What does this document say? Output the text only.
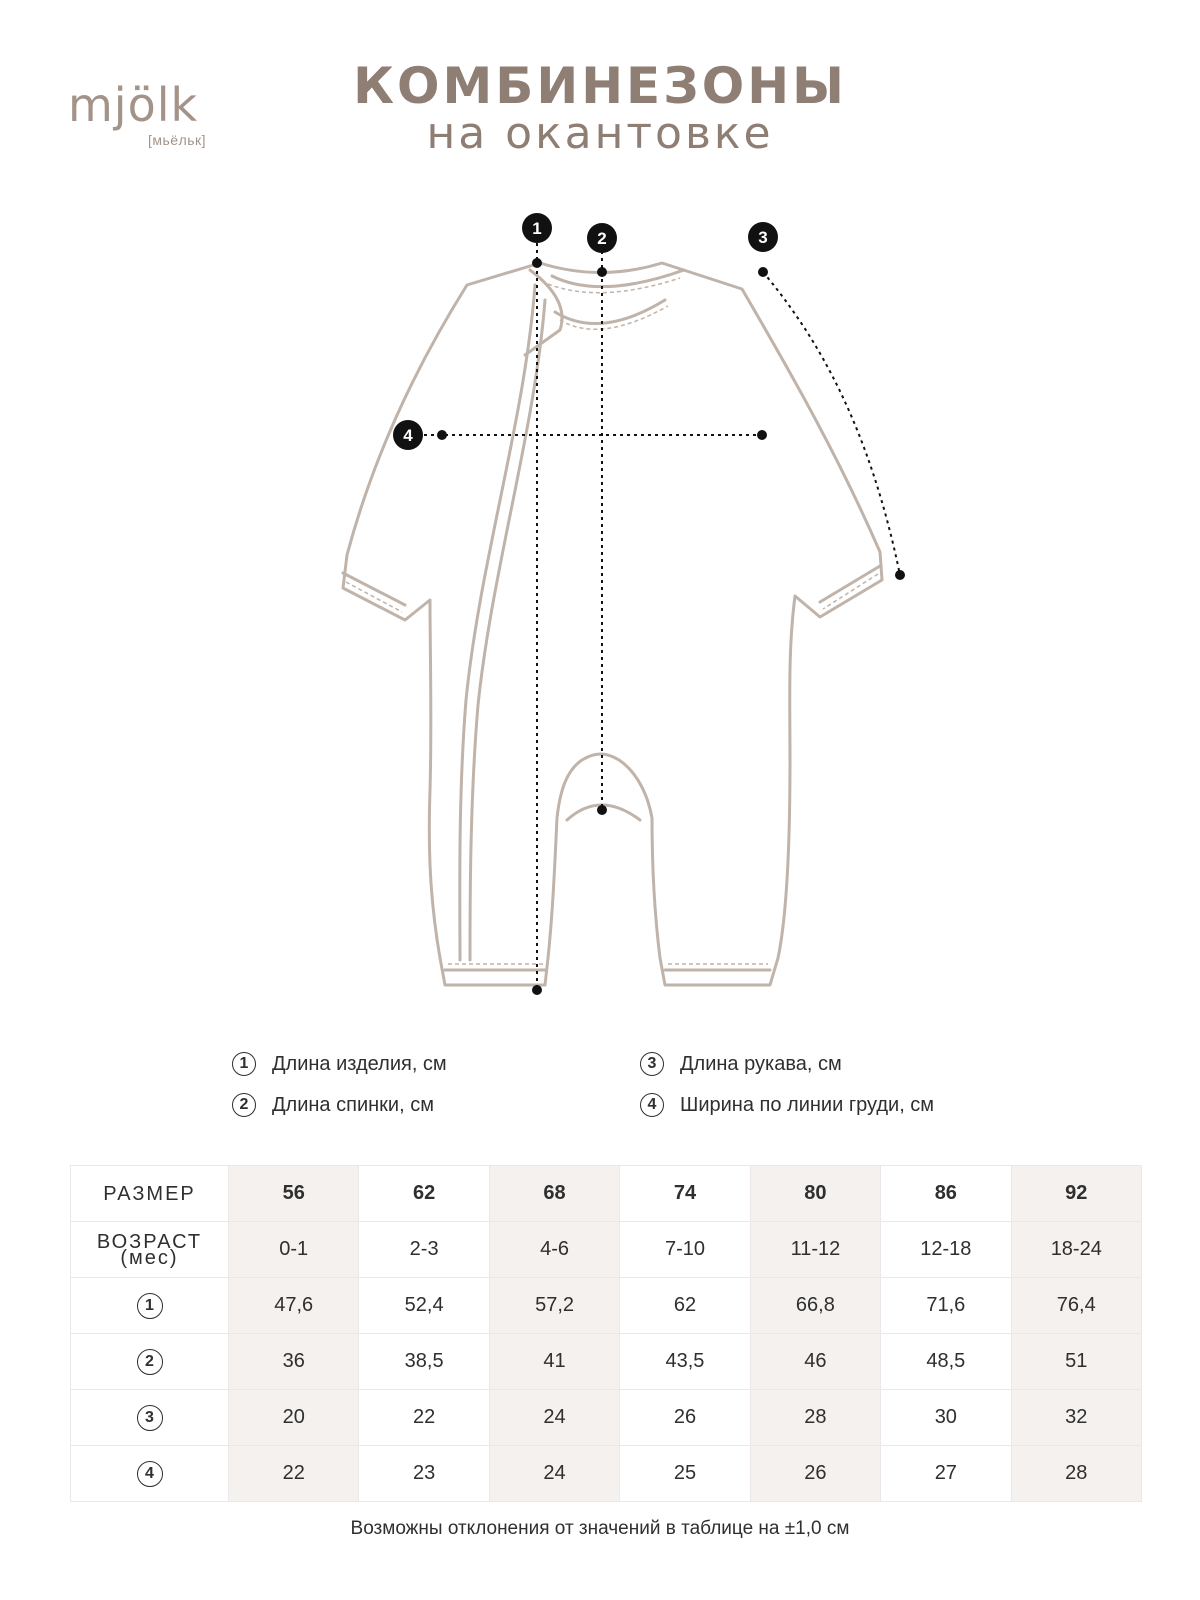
mjölk
[мьёльк]
КОМБИНЕЗОНЫ
на окантовке
1
2	3
4
1	Длина изделия, см
2	Длина спинки, см
3	Длина рукава, см
4	Ширина по линии груди, см
РАЗМЕР	56	62	68	74	80	86	92

ВОЗРАСТ
(мес)	0-1	2-3	4-6	7-10	11-12	12-18	18-24
1	47,6	52,4	57,2	62	66,8	71,6	76,4
2	36	38,5	41	43,5	46	48,5	51
3	20	22	24	26	28	30	32
4	22	23	24	25	26	27	28
Возможны отклонения от значений в таблице на ±1,0 см
